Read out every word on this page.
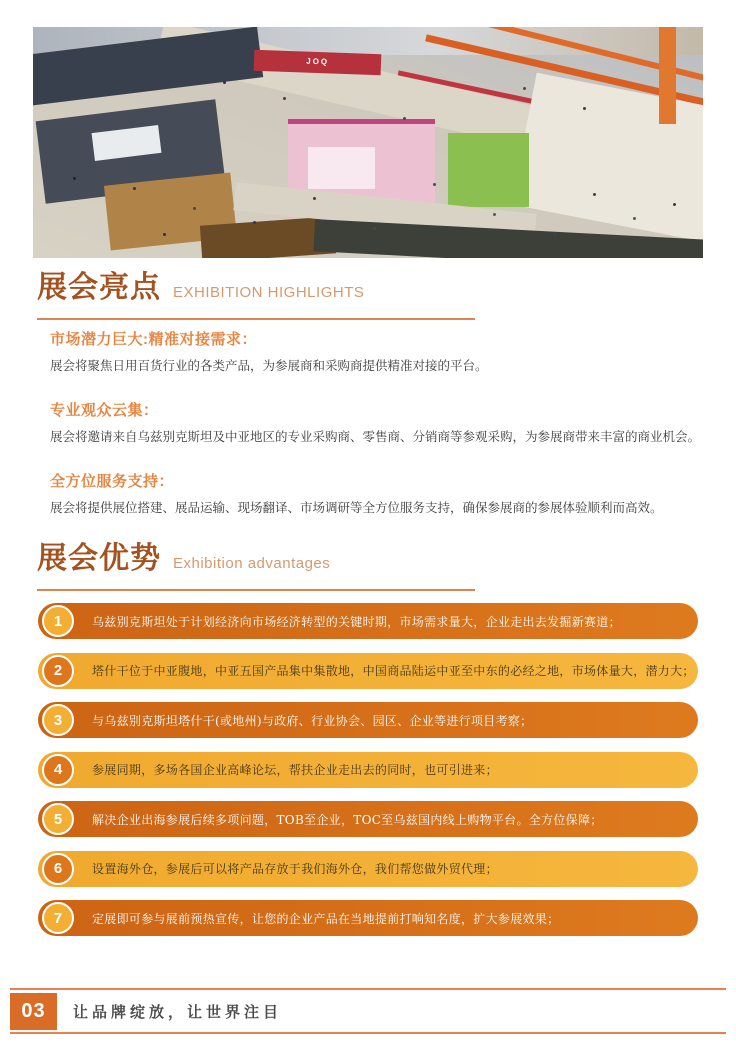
JOQ
展会亮点 EXHIBITION HIGHLIGHTS
市场潜力巨大:精准对接需求：
展会将聚焦日用百货行业的各类产品，为参展商和采购商提供精准对接的平台。
专业观众云集：
展会将邀请来自乌兹别克斯坦及中亚地区的专业采购商、零售商、分销商等参观采购，为参展商带来丰富的商业机会。
全方位服务支持：
展会将提供展位搭建、展品运输、现场翻译、市场调研等全方位服务支持，确保参展商的参展体验顺利而高效。
展会优势 Exhibition advantages
1	乌兹别克斯坦处于计划经济向市场经济转型的关键时期，市场需求量大，企业走出去发掘新赛道；
2	塔什干位于中亚腹地，中亚五国产品集中集散地，中国商品陆运中亚至中东的必经之地，市场体量大，潜力大；
3	与乌兹别克斯坦塔什干(或地州)与政府、行业协会、园区、企业等进行项目考察；
4	参展同期，多场各国企业高峰论坛，帮扶企业走出去的同时，也可引进来；
5	解决企业出海参展后续多项问题，TOB至企业，TOC至乌兹国内线上购物平台。全方位保障；
6	设置海外仓，参展后可以将产品存放于我们海外仓，我们帮您做外贸代理；
7	定展即可参与展前预热宣传，让您的企业产品在当地提前打响知名度，扩大参展效果；
03	让品牌绽放，让世界注目
